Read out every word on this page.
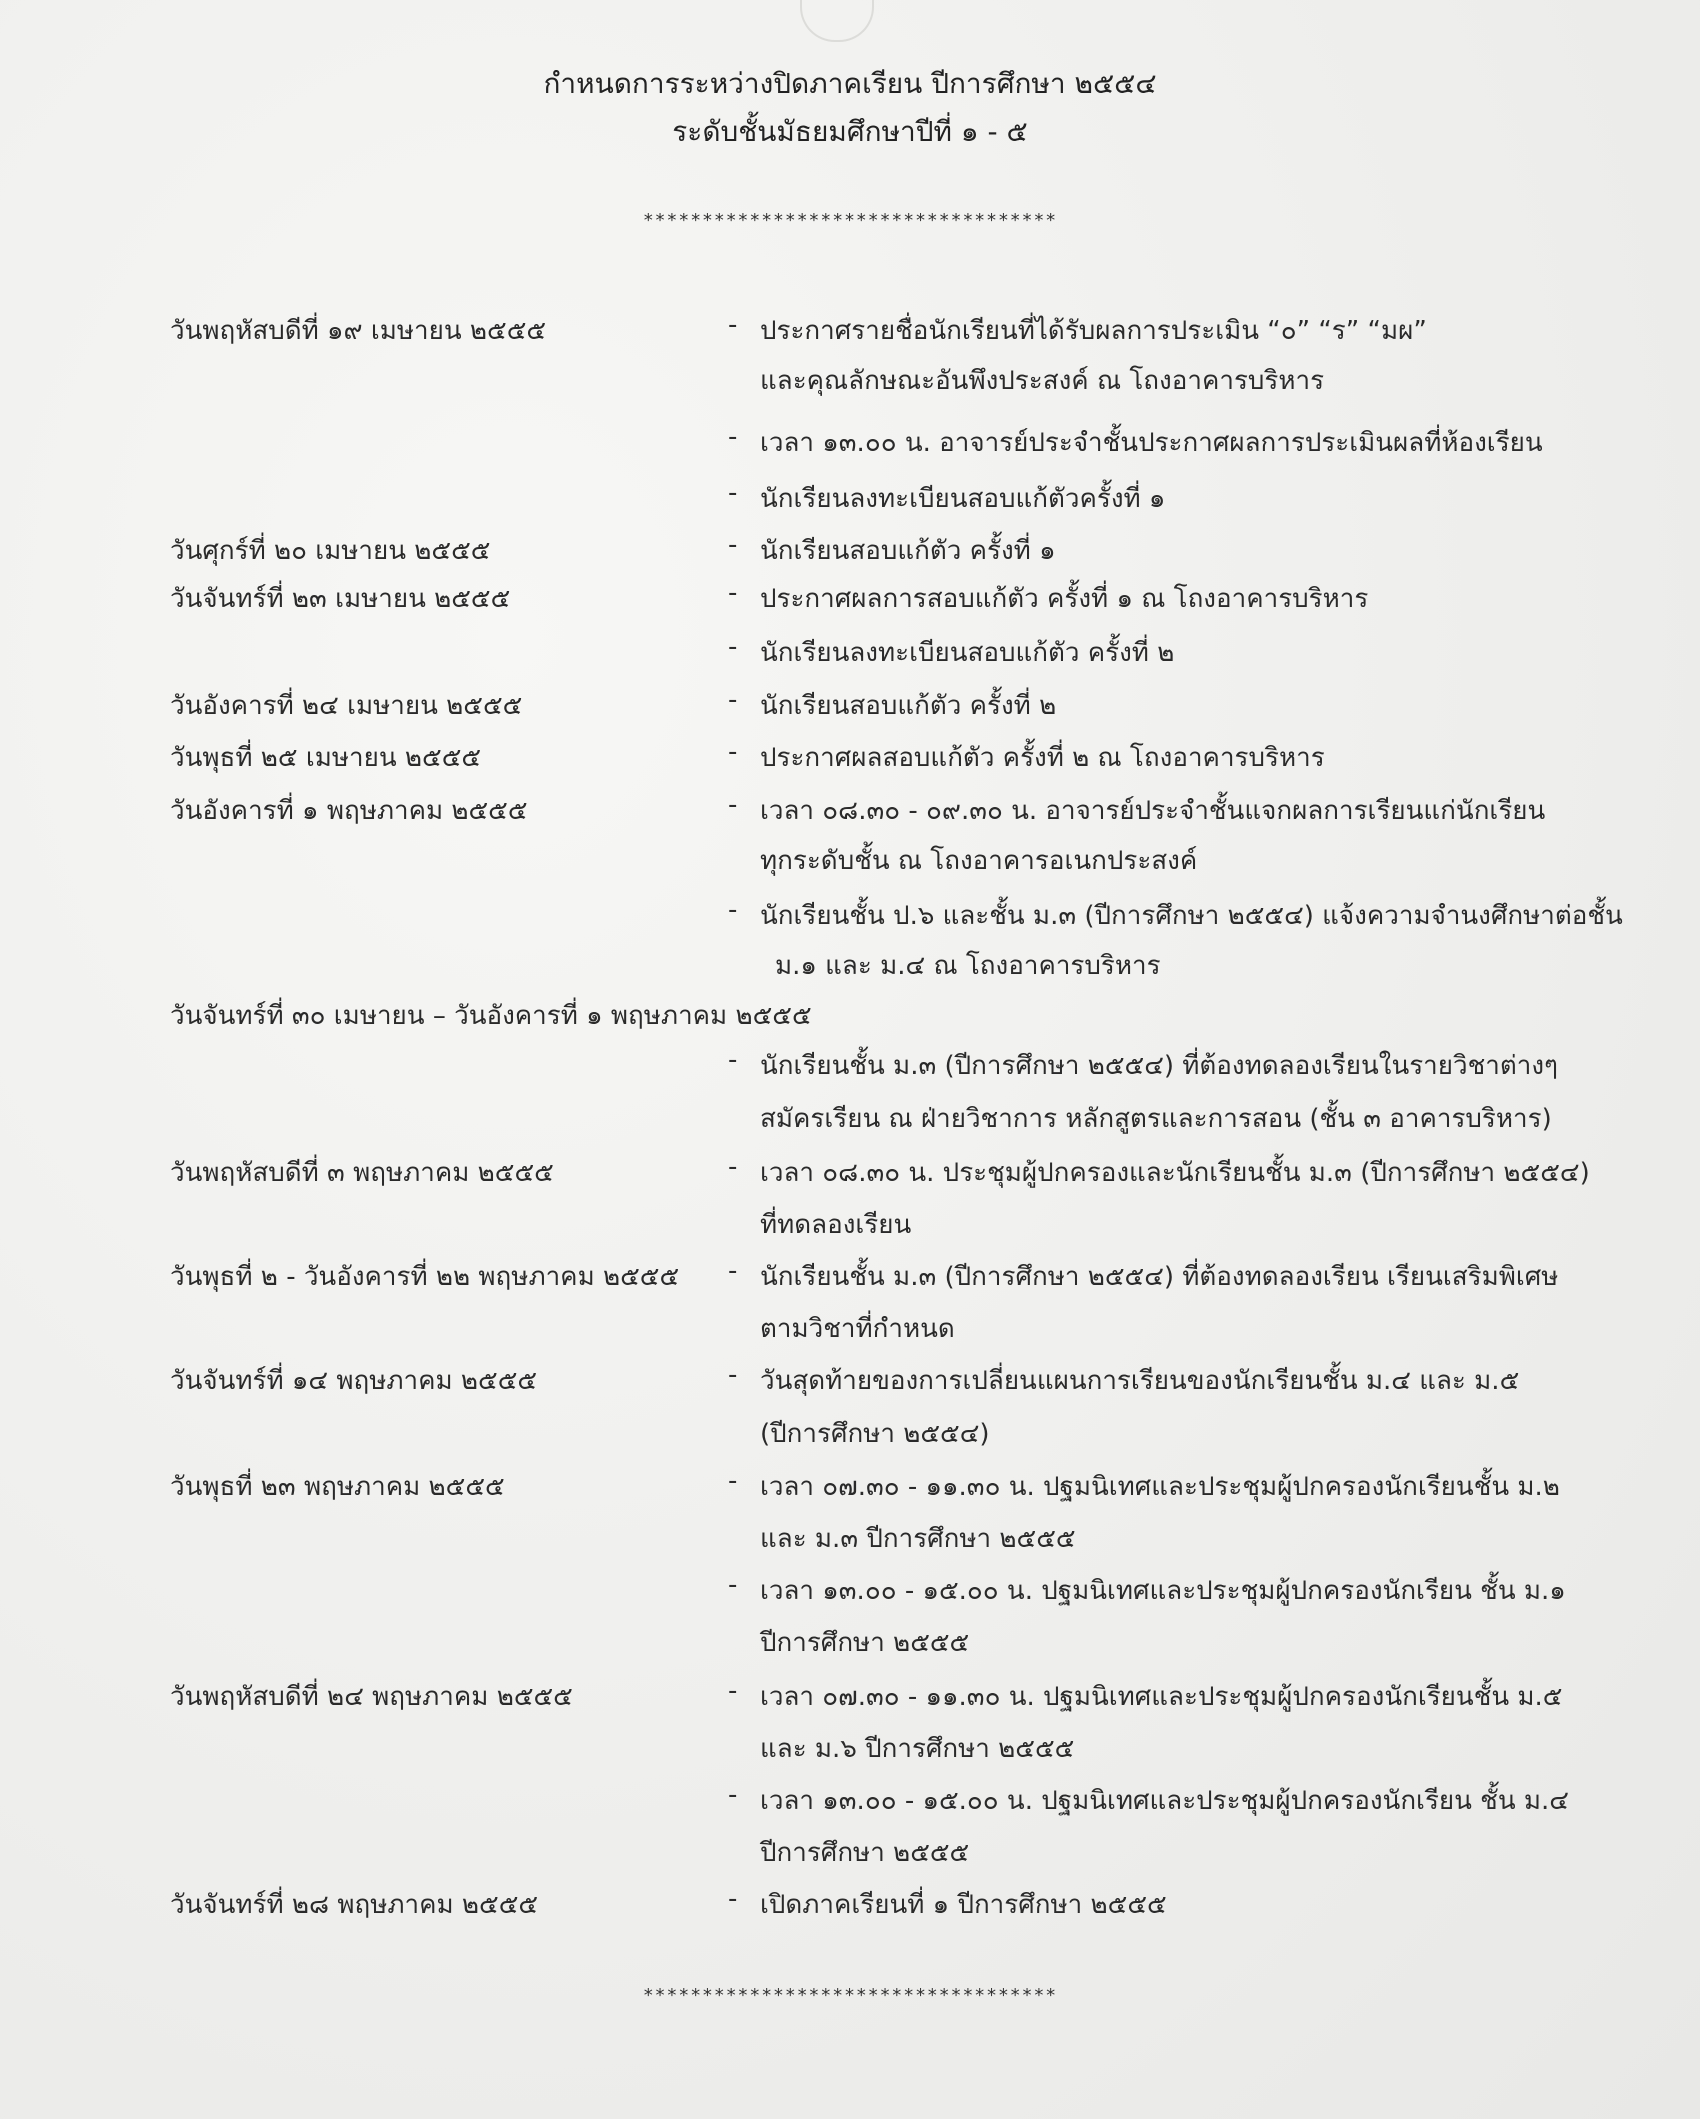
กำหนดการระหว่างปิดภาคเรียน ปีการศึกษา ๒๕๕๔
ระดับชั้นมัธยมศึกษาปีที่ ๑ - ๕
***********************************
วันพฤหัสบดีที่ ๑๙ เมษายน ๒๕๕๕	- ประกาศรายชื่อนักเรียนที่ได้รับผลการประเมิน “๐” “ร” “มผ”
และคุณลักษณะอันพึงประสงค์ ณ โถงอาคารบริหาร
- เวลา ๑๓.๐๐ น. อาจารย์ประจำชั้นประกาศผลการประเมินผลที่ห้องเรียน
- นักเรียนลงทะเบียนสอบแก้ตัวครั้งที่ ๑
วันศุกร์ที่ ๒๐ เมษายน ๒๕๕๕	- นักเรียนสอบแก้ตัว ครั้งที่ ๑
วันจันทร์ที่ ๒๓ เมษายน ๒๕๕๕	- ประกาศผลการสอบแก้ตัว ครั้งที่ ๑ ณ โถงอาคารบริหาร
- นักเรียนลงทะเบียนสอบแก้ตัว ครั้งที่ ๒
วันอังคารที่ ๒๔ เมษายน ๒๕๕๕	- นักเรียนสอบแก้ตัว ครั้งที่ ๒
วันพุธที่ ๒๕ เมษายน ๒๕๕๕	- ประกาศผลสอบแก้ตัว ครั้งที่ ๒ ณ โถงอาคารบริหาร
วันอังคารที่ ๑ พฤษภาคม ๒๕๕๕	- เวลา ๐๘.๓๐ - ๐๙.๓๐ น. อาจารย์ประจำชั้นแจกผลการเรียนแก่นักเรียน
ทุกระดับชั้น ณ โถงอาคารอเนกประสงค์
- นักเรียนชั้น ป.๖ และชั้น ม.๓ (ปีการศึกษา ๒๕๕๔) แจ้งความจำนงศึกษาต่อชั้น
ม.๑ และ ม.๔ ณ โถงอาคารบริหาร
วันจันทร์ที่ ๓๐ เมษายน – วันอังคารที่ ๑ พฤษภาคม ๒๕๕๕
- นักเรียนชั้น ม.๓ (ปีการศึกษา ๒๕๕๔) ที่ต้องทดลองเรียนในรายวิชาต่างๆ
สมัครเรียน ณ ฝ่ายวิชาการ หลักสูตรและการสอน (ชั้น ๓ อาคารบริหาร)
วันพฤหัสบดีที่ ๓ พฤษภาคม ๒๕๕๕	- เวลา ๐๘.๓๐ น. ประชุมผู้ปกครองและนักเรียนชั้น ม.๓ (ปีการศึกษา ๒๕๕๔)
ที่ทดลองเรียน
วันพุธที่ ๒ - วันอังคารที่ ๒๒ พฤษภาคม ๒๕๕๕ - นักเรียนชั้น ม.๓ (ปีการศึกษา ๒๕๕๔) ที่ต้องทดลองเรียน เรียนเสริมพิเศษ
ตามวิชาที่กำหนด
วันจันทร์ที่ ๑๔ พฤษภาคม ๒๕๕๕	- วันสุดท้ายของการเปลี่ยนแผนการเรียนของนักเรียนชั้น ม.๔ และ ม.๕
(ปีการศึกษา ๒๕๕๔)
วันพุธที่ ๒๓ พฤษภาคม ๒๕๕๕	- เวลา ๐๗.๓๐ - ๑๑.๓๐ น. ปฐมนิเทศและประชุมผู้ปกครองนักเรียนชั้น ม.๒
และ ม.๓ ปีการศึกษา ๒๕๕๕
- เวลา ๑๓.๐๐ - ๑๕.๐๐ น. ปฐมนิเทศและประชุมผู้ปกครองนักเรียน ชั้น ม.๑
ปีการศึกษา ๒๕๕๕
วันพฤหัสบดีที่ ๒๔ พฤษภาคม ๒๕๕๕	- เวลา ๐๗.๓๐ - ๑๑.๓๐ น. ปฐมนิเทศและประชุมผู้ปกครองนักเรียนชั้น ม.๕
และ ม.๖ ปีการศึกษา ๒๕๕๕
- เวลา ๑๓.๐๐ - ๑๕.๐๐ น. ปฐมนิเทศและประชุมผู้ปกครองนักเรียน ชั้น ม.๔
ปีการศึกษา ๒๕๕๕
วันจันทร์ที่ ๒๘ พฤษภาคม ๒๕๕๕	- เปิดภาคเรียนที่ ๑ ปีการศึกษา ๒๕๕๕
***********************************
